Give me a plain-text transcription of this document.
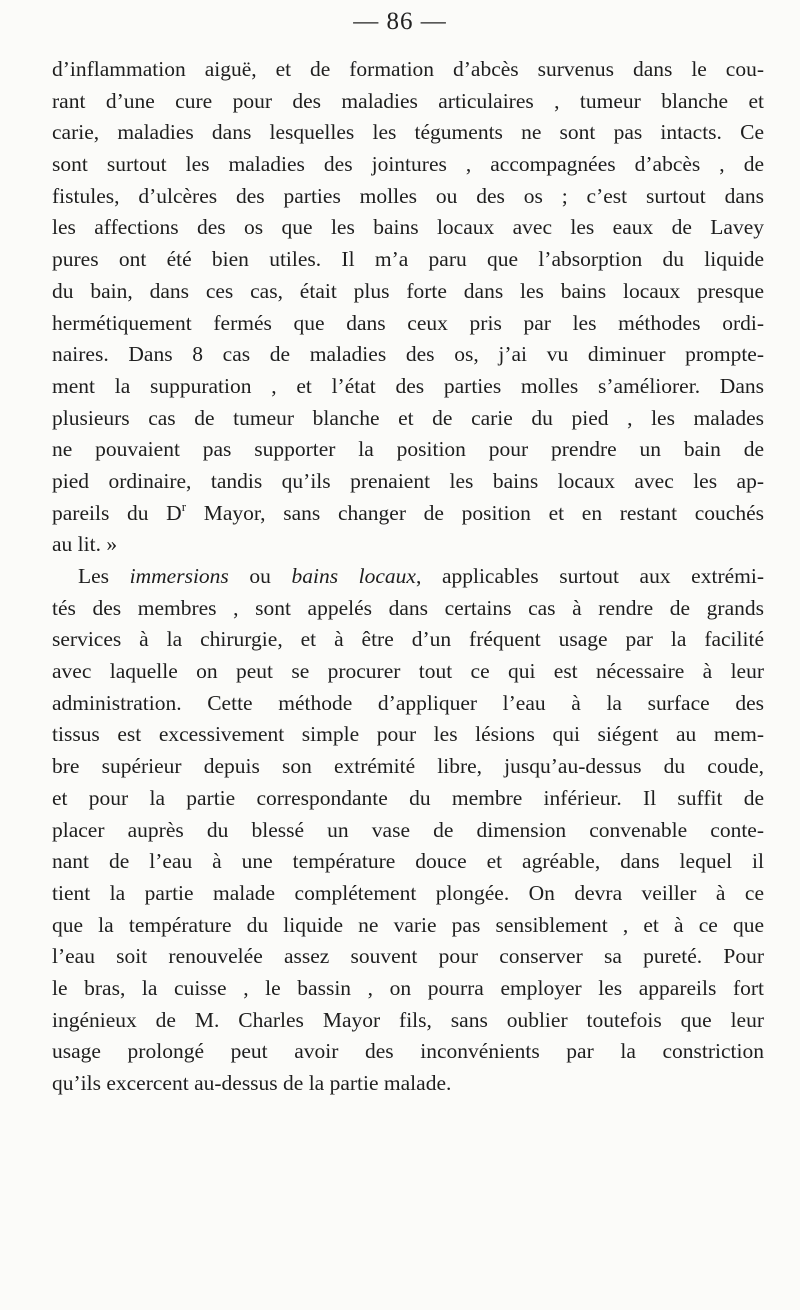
— 86 —
d’inflammation aiguë, et de formation d’abcès survenus dans le cou-
rant d’une cure pour des maladies articulaires , tumeur blanche et
carie, maladies dans lesquelles les téguments ne sont pas intacts. Ce
sont surtout les maladies des jointures , accompagnées d’abcès , de
fistules, d’ulcères des parties molles ou des os ; c’est surtout dans
les affections des os que les bains locaux avec les eaux de Lavey
pures ont été bien utiles. Il m’a paru que l’absorption du liquide
du bain, dans ces cas, était plus forte dans les bains locaux presque
hermétiquement fermés que dans ceux pris par les méthodes ordi-
naires. Dans 8 cas de maladies des os, j’ai vu diminuer prompte-
ment la suppuration , et l’état des parties molles s’améliorer. Dans
plusieurs cas de tumeur blanche et de carie du pied , les malades
ne pouvaient pas supporter la position pour prendre un bain de
pied ordinaire, tandis qu’ils prenaient les bains locaux avec les ap-
pareils du $D^r$ Mayor, sans changer de position et en restant couchés
au lit. »
Les immersions ou bains locaux, applicables surtout aux extrémi-
tés des membres , sont appelés dans certains cas à rendre de grands
services à la chirurgie, et à être d’un fréquent usage par la facilité
avec laquelle on peut se procurer tout ce qui est nécessaire à leur
administration. Cette méthode d’appliquer l’eau à la surface des
tissus est excessivement simple pour les lésions qui siégent au mem-
bre supérieur depuis son extrémité libre, jusqu’au-dessus du coude,
et pour la partie correspondante du membre inférieur. Il suffit de
placer auprès du blessé un vase de dimension convenable conte-
nant de l’eau à une température douce et agréable, dans lequel il
tient la partie malade complétement plongée. On devra veiller à ce
que la température du liquide ne varie pas sensiblement , et à ce que
l’eau soit renouvelée assez souvent pour conserver sa pureté. Pour
le bras, la cuisse , le bassin , on pourra employer les appareils fort
ingénieux de M. Charles Mayor fils, sans oublier toutefois que leur
usage prolongé peut avoir des inconvénients par la constriction
qu’ils excercent au-dessus de la partie malade.
